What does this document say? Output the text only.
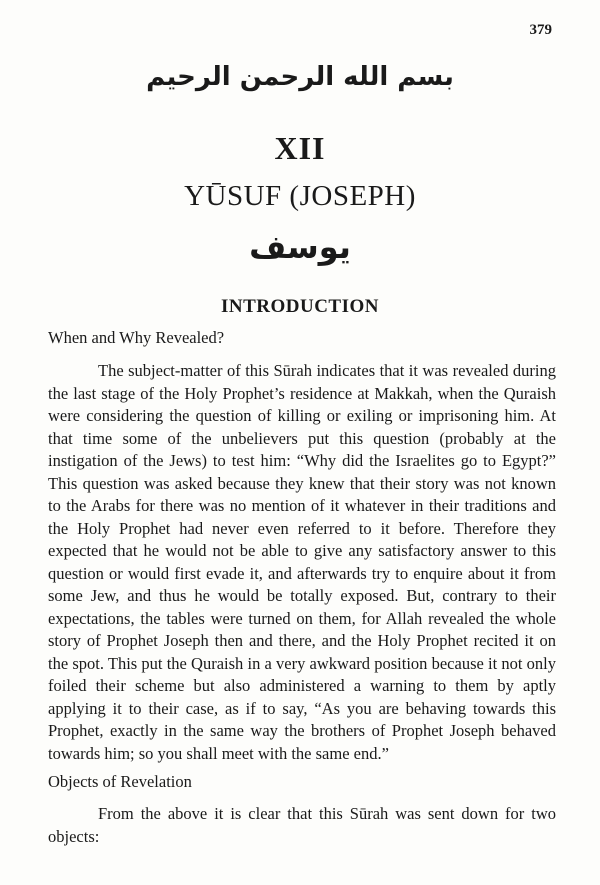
379
بسم الله الرحمن الرحيم
XII
YŪSUF (JOSEPH)
يوسف
INTRODUCTION
When and Why Revealed?

The subject-matter of this Sūrah indicates that it was revealed during the last stage of the Holy Prophet’s residence at Makkah, when the Quraish were considering the question of killing or exiling or imprisoning him. At that time some of the unbelievers put this question (probably at the instigation of the Jews) to test him: “Why did the Israelites go to Egypt?” This question was asked because they knew that their story was not known to the Arabs for there was no mention of it whatever in their traditions and the Holy Prophet had never even referred to it before. Therefore they expected that he would not be able to give any satisfactory answer to this question or would first evade it, and afterwards try to enquire about it from some Jew, and thus he would be totally exposed. But, contrary to their expectations, the tables were turned on them, for Allah revealed the whole story of Prophet Joseph then and there, and the Holy Prophet recited it on the spot. This put the Quraish in a very awkward position because it not only foiled their scheme but also administered a warning to them by aptly applying it to their case, as if to say, “As you are behaving towards this Prophet, exactly in the same way the brothers of Prophet Joseph behaved towards him; so you shall meet with the same end.”

Objects of Revelation

From the above it is clear that this Sūrah was sent down for two objects:
